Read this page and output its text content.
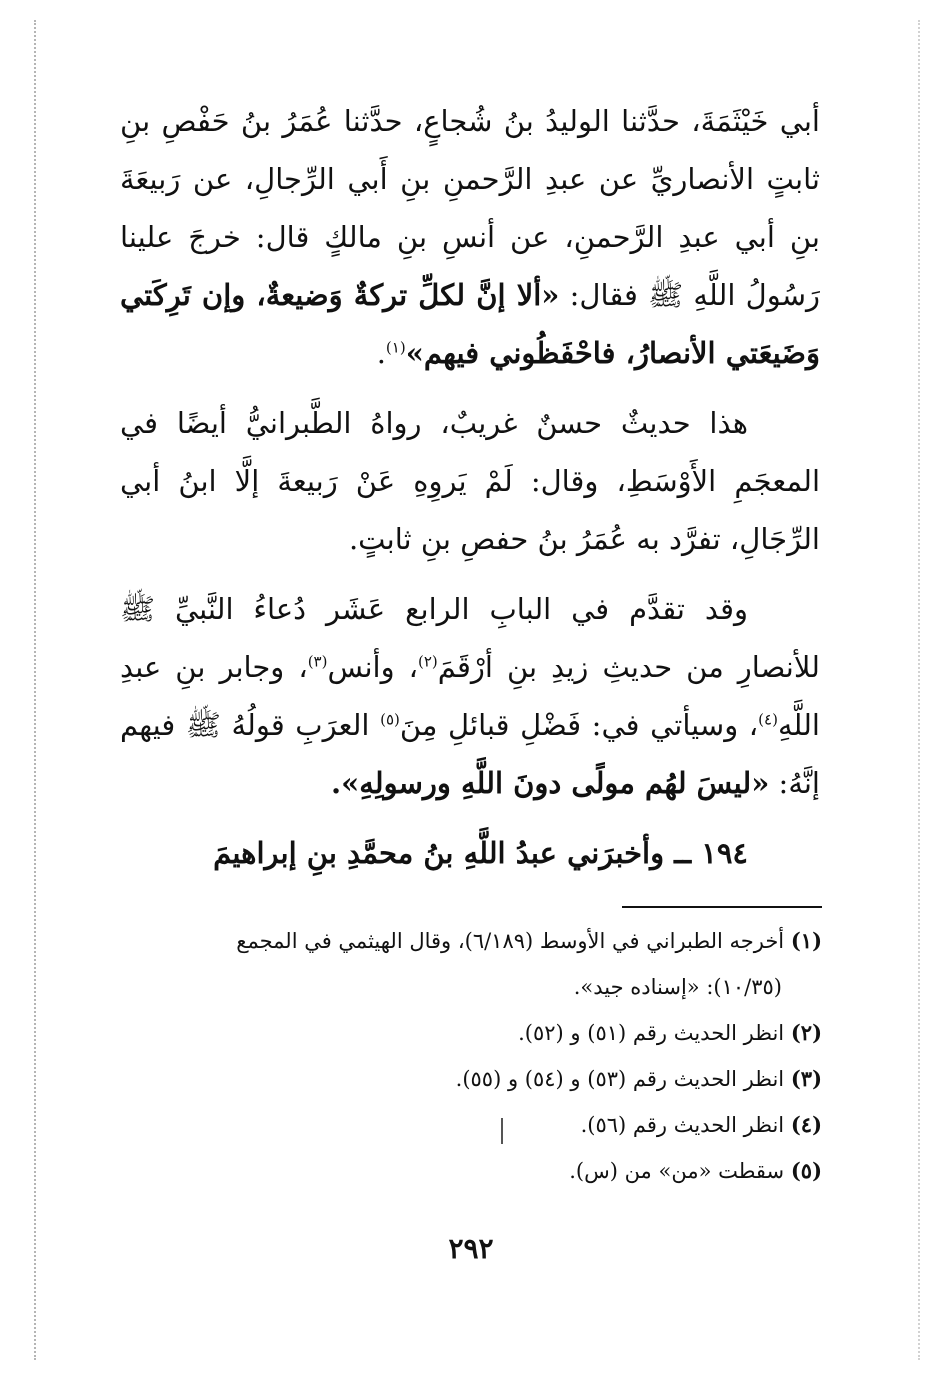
أبي خَيْثَمَةَ، حدَّثنا الوليدُ بنُ شُجاعٍ، حدَّثنا عُمَرُ بنُ حَفْصِ بنِ ثابتٍ الأنصاريِّ عن عبدِ الرَّحمنِ بنِ أَبي الرِّجالِ، عن رَبيعَةَ بنِ أبي عبدِ الرَّحمنِ، عن أنسِ بنِ مالكٍ قال: خرجَ علينا رَسُولُ اللَّهِ ﷺ فقال: «ألا إنَّ لكلِّ تركةٌ وَضيعةٌ، وإن تَرِكَتي وَضَيعَتي الأنصارُ، فاحْفَظُوني فيهم»$^{(١)}$.

هذا حديثٌ حسنٌ غريبٌ، رواهُ الطَّبرانيُّ أيضًا في المعجَمِ الأَوْسَطِ، وقال: لَمْ يَروِهِ عَنْ رَبيعةَ إلَّا ابنُ أبي الرِّجَالِ، تفرَّد به عُمَرُ بنُ حفصِ بنِ ثابتٍ.

وقد تقدَّم في البابِ الرابع عَشَر دُعاءُ النَّبيِّ ﷺ للأنصارِ من حديثِ زيدِ بنِ أرْقَمَ$^{(٢)}$، وأنس$^{(٣)}$، وجابر بنِ عبدِ اللَّهِ$^{(٤)}$، وسيأتي في: فَضْلِ قبائلِ مِنَ$^{(٥)}$ العرَبِ قولُهُ ﷺ فيهم إنَّهُ: «ليسَ لهُم مولًى دونَ اللَّهِ ورسولِهِ».

١٩٤ ــ وأخبرَني عبدُ اللَّهِ بنُ محمَّدِ بنِ إبراهيمَ

(١) أخرجه الطبراني في الأوسط (٦/١٨٩)، وقال الهيثمي في المجمع

(١٠/٣٥): «إسناده جيد».

(٢) انظر الحديث رقم (٥١) و (٥٢).

(٣) انظر الحديث رقم (٥٣) و (٥٤) و (٥٥).

(٤) انظر الحديث رقم (٥٦).

(٥) سقطت «من» من (س).

٢٩٢
